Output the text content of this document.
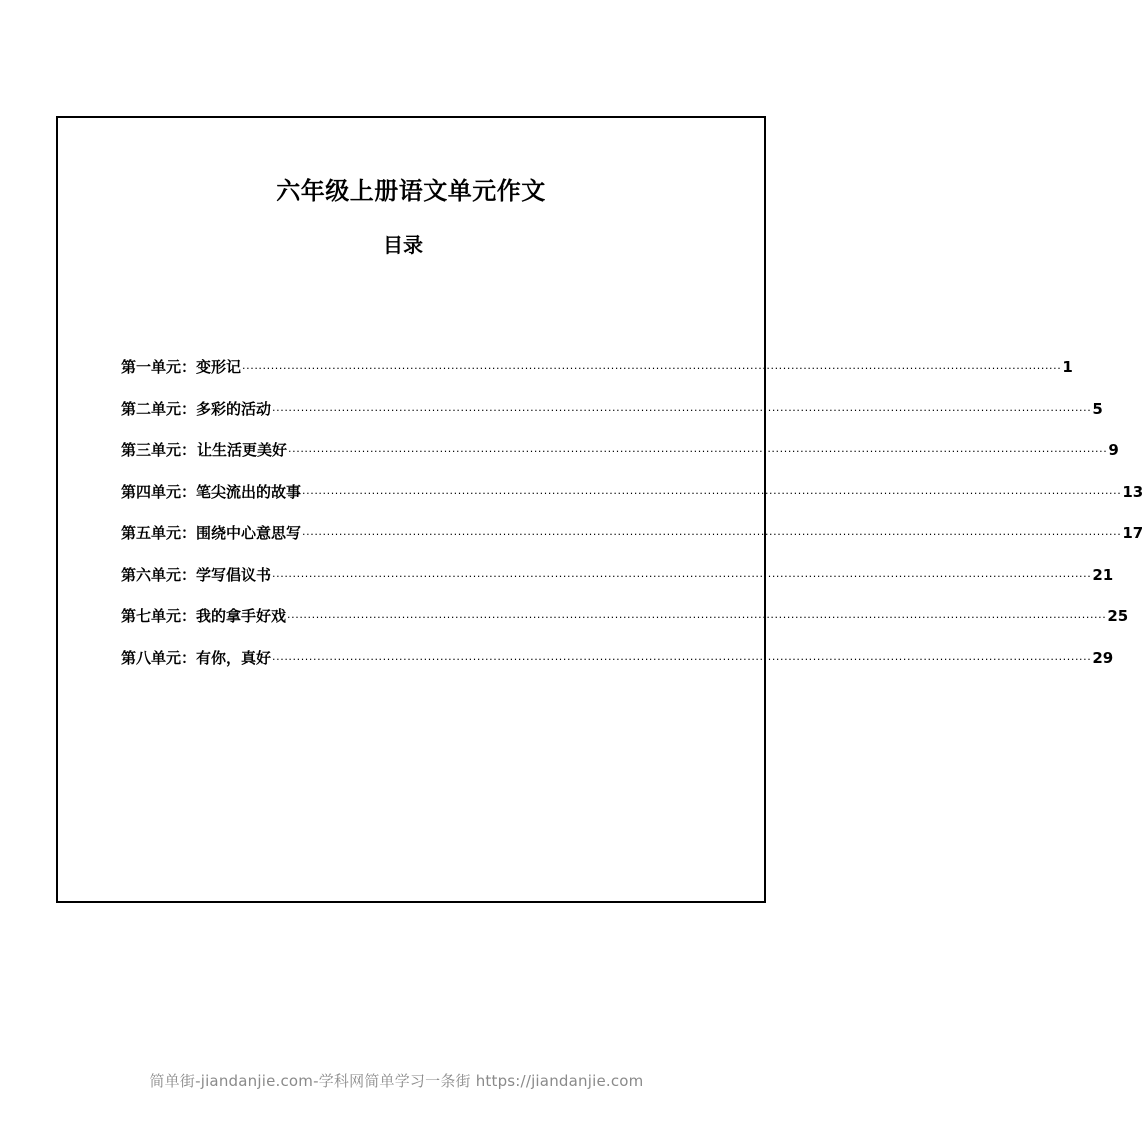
六年级上册语文单元作文
目录
第一单元： 变形记 ········································································································································································································ 1
第二单元： 多彩的活动 ········································································································································································································ 5
第三单元： 让生活更美好 ········································································································································································································ 9
第四单元： 笔尖流出的故事 ········································································································································································································ 13
第五单元： 围绕中心意思写 ········································································································································································································ 17
第六单元： 学写倡议书 ········································································································································································································ 21
第七单元： 我的拿手好戏 ········································································································································································································ 25
第八单元： 有你，真好 ········································································································································································································ 29
简单街-jiandanjie.com-学科网简单学习一条街 https://jiandanjie.com
